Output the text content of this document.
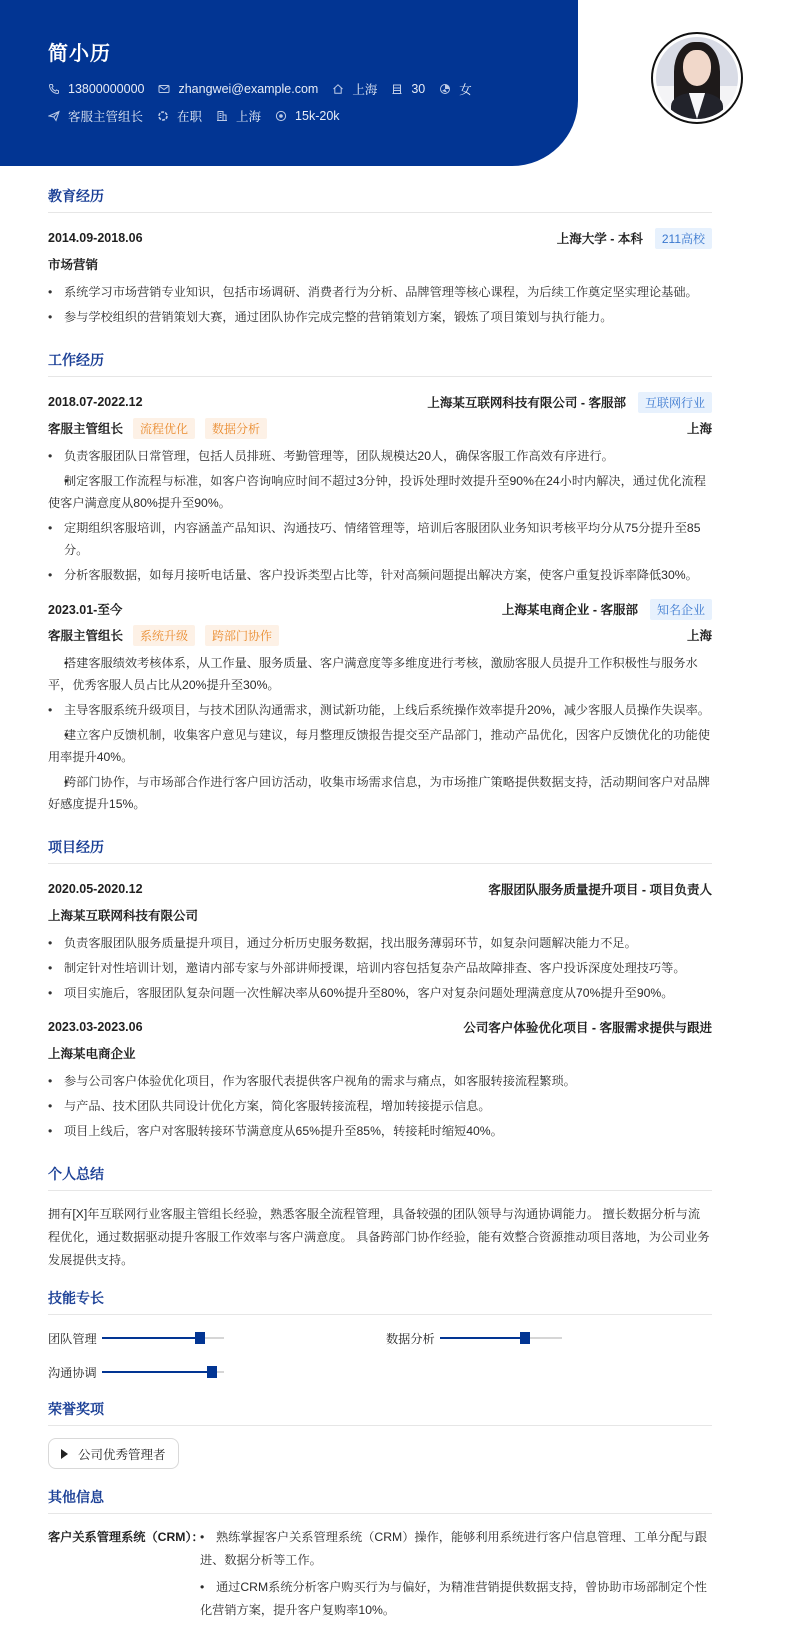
简小历
13800000000	zhangwei@example.com	上海	30	女
客服主管组长	在职	上海	15k-20k
教育经历
2014.09-2018.06	上海大学 - 本科	211高校
市场营销
• 系统学习市场营销专业知识，包括市场调研、消费者行为分析、品牌管理等核心课程，为后续工作奠定坚实理论基础。
• 参与学校组织的营销策划大赛，通过团队协作完成完整的营销策划方案，锻炼了项目策划与执行能力。
工作经历
2018.07-2022.12	上海某互联网科技有限公司 - 客服部	互联网行业
客服主管组长	流程优化	数据分析	上海
• 负责客服团队日常管理，包括人员排班、考勤管理等，团队规模达20人，确保客服工作高效有序进行。
• 制定客服工作流程与标准，如客户咨询响应时间不超过3分钟，投诉处理时效提升至90%在24小时内解决，通过优化流程使客户满意度从80%提升至90%。
• 定期组织客服培训，内容涵盖产品知识、沟通技巧、情绪管理等，培训后客服团队业务知识考核平均分从75分提升至85分。
• 分析客服数据，如每月接听电话量、客户投诉类型占比等，针对高频问题提出解决方案，使客户重复投诉率降低30%。
2023.01-至今	上海某电商企业 - 客服部	知名企业
客服主管组长	系统升级	跨部门协作	上海
• 搭建客服绩效考核体系，从工作量、服务质量、客户满意度等多维度进行考核，激励客服人员提升工作积极性与服务水平，优秀客服人员占比从20%提升至30%。
• 主导客服系统升级项目，与技术团队沟通需求，测试新功能，上线后系统操作效率提升20%，减少客服人员操作失误率。
• 建立客户反馈机制，收集客户意见与建议，每月整理反馈报告提交至产品部门，推动产品优化，因客户反馈优化的功能使用率提升40%。
• 跨部门协作，与市场部合作进行客户回访活动，收集市场需求信息，为市场推广策略提供数据支持，活动期间客户对品牌好感度提升15%。
项目经历
2020.05-2020.12	客服团队服务质量提升项目 - 项目负责人
上海某互联网科技有限公司
• 负责客服团队服务质量提升项目，通过分析历史服务数据，找出服务薄弱环节，如复杂问题解决能力不足。
• 制定针对性培训计划，邀请内部专家与外部讲师授课，培训内容包括复杂产品故障排查、客户投诉深度处理技巧等。
• 项目实施后，客服团队复杂问题一次性解决率从60%提升至80%，客户对复杂问题处理满意度从70%提升至90%。
2023.03-2023.06	公司客户体验优化项目 - 客服需求提供与跟进
上海某电商企业
• 参与公司客户体验优化项目，作为客服代表提供客户视角的需求与痛点，如客服转接流程繁琐。
• 与产品、技术团队共同设计优化方案，简化客服转接流程，增加转接提示信息。
• 项目上线后，客户对客服转接环节满意度从65%提升至85%，转接耗时缩短40%。
个人总结
拥有[X]年互联网行业客服主管组长经验，熟悉客服全流程管理，具备较强的团队领导与沟通协调能力。 擅长数据分析与流程优化，通过数据驱动提升客服工作效率与客户满意度。 具备跨部门协作经验，能有效整合资源推动项目落地，为公司业务发展提供支持。
技能专长
团队管理	数据分析
沟通协调
荣誉奖项
公司优秀管理者
其他信息
客户关系管理系统（CRM）：	• 熟练掌握客户关系管理系统（CRM）操作，能够利用系统进行客户信息管理、工单分配与跟进、数据分析等工作。
• 通过CRM系统分析客户购买行为与偏好，为精准营销提供数据支持，曾协助市场部制定个性化营销方案，提升客户复购率10%。
